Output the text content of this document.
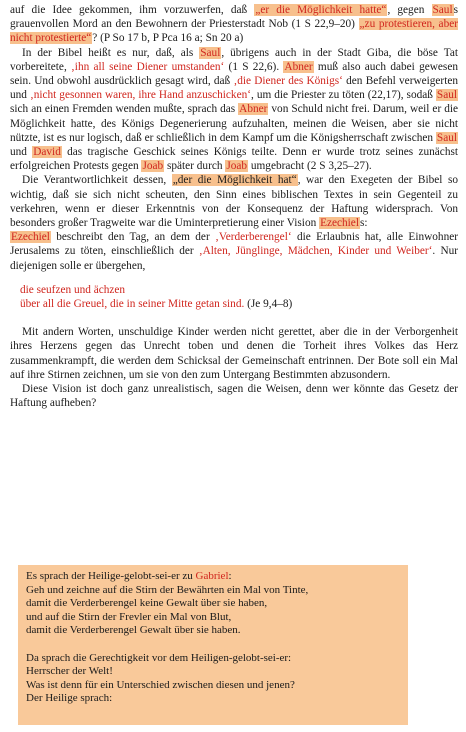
auf die Idee gekommen, ihm vorzuwerfen, daß „er die Möglichkeit hatte“, gegen Sauls grauenvollen Mord an den Bewohnern der Priesterstadt Nob (1 S 22,9–20) „zu protestieren, aber nicht protestierte“? (P So 17 b, P Pca 16 a; Sn 20 a)

In der Bibel heißt es nur, daß, als Saul, übrigens auch in der Stadt Giba, die böse Tat vorbereitete, ‚ihn all seine Diener umstanden‘ (1 S 22,6). Abner muß also auch dabei gewesen sein. Und obwohl ausdrücklich gesagt wird, daß ‚die Diener des Königs‘ den Befehl verweigerten und ‚nicht gesonnen waren, ihre Hand anzuschicken‘, um die Priester zu töten (22,17), sodaß Saul sich an einen Fremden wenden mußte, sprach das Abner von Schuld nicht frei. Darum, weil er die Möglichkeit hatte, des Königs Degenerierung aufzuhalten, meinen die Weisen, aber sie nicht nützte, ist es nur logisch, daß er schließlich in dem Kampf um die Königsherrschaft zwischen Saul und David das tragische Geschick seines Königs teilte. Denn er wurde trotz seines zunächst erfolgreichen Protests gegen Joab später durch Joab umgebracht (2 S 3,25–27).

Die Verantwortlichkeit dessen, „der die Möglichkeit hat“, war den Exegeten der Bibel so wichtig, daß sie sich nicht scheuten, den Sinn eines biblischen Textes in sein Gegenteil zu verkehren, wenn er dieser Erkenntnis von der Konsequenz der Haftung widersprach. Von besonders großer Tragweite war die Uminterpretierung einer Vision Ezechiels:

Ezechiel beschreibt den Tag, an dem der ‚Verderberengel‘ die Erlaubnis hat, alle Einwohner Jerusalems zu töten, einschließlich der ‚Alten, Jünglinge, Mädchen, Kinder und Weiber‘. Nur diejenigen solle er übergehen,

die seufzen und ächzen
über all die Greuel, die in seiner Mitte getan sind. (Je 9,4–8)

Mit andern Worten, unschuldige Kinder werden nicht gerettet, aber die in der Verborgenheit ihres Herzens gegen das Unrecht toben und denen die Torheit ihres Volkes das Herz zusammenkrampft, die werden dem Schicksal der Gemeinschaft entrinnen. Der Bote soll ein Mal auf ihre Stirnen zeichnen, um sie von den zum Untergang Bestimmten abzusondern.

Diese Vision ist doch ganz unrealistisch, sagen die Weisen, denn wer könnte das Gesetz der Haftung aufheben?

Es sprach der Heilige-gelobt-sei-er zu Gabriel:
Geh und zeichne auf die Stirn der Bewährten ein Mal von Tinte,
damit die Verderberengel keine Gewalt über sie haben,
und auf die Stirn der Frevler ein Mal von Blut,
damit die Verderberengel Gewalt über sie haben.
Da sprach die Gerechtigkeit vor dem Heiligen-gelobt-sei-er:
Herrscher der Welt!
Was ist denn für ein Unterschied zwischen diesen und jenen?
Der Heilige sprach:
